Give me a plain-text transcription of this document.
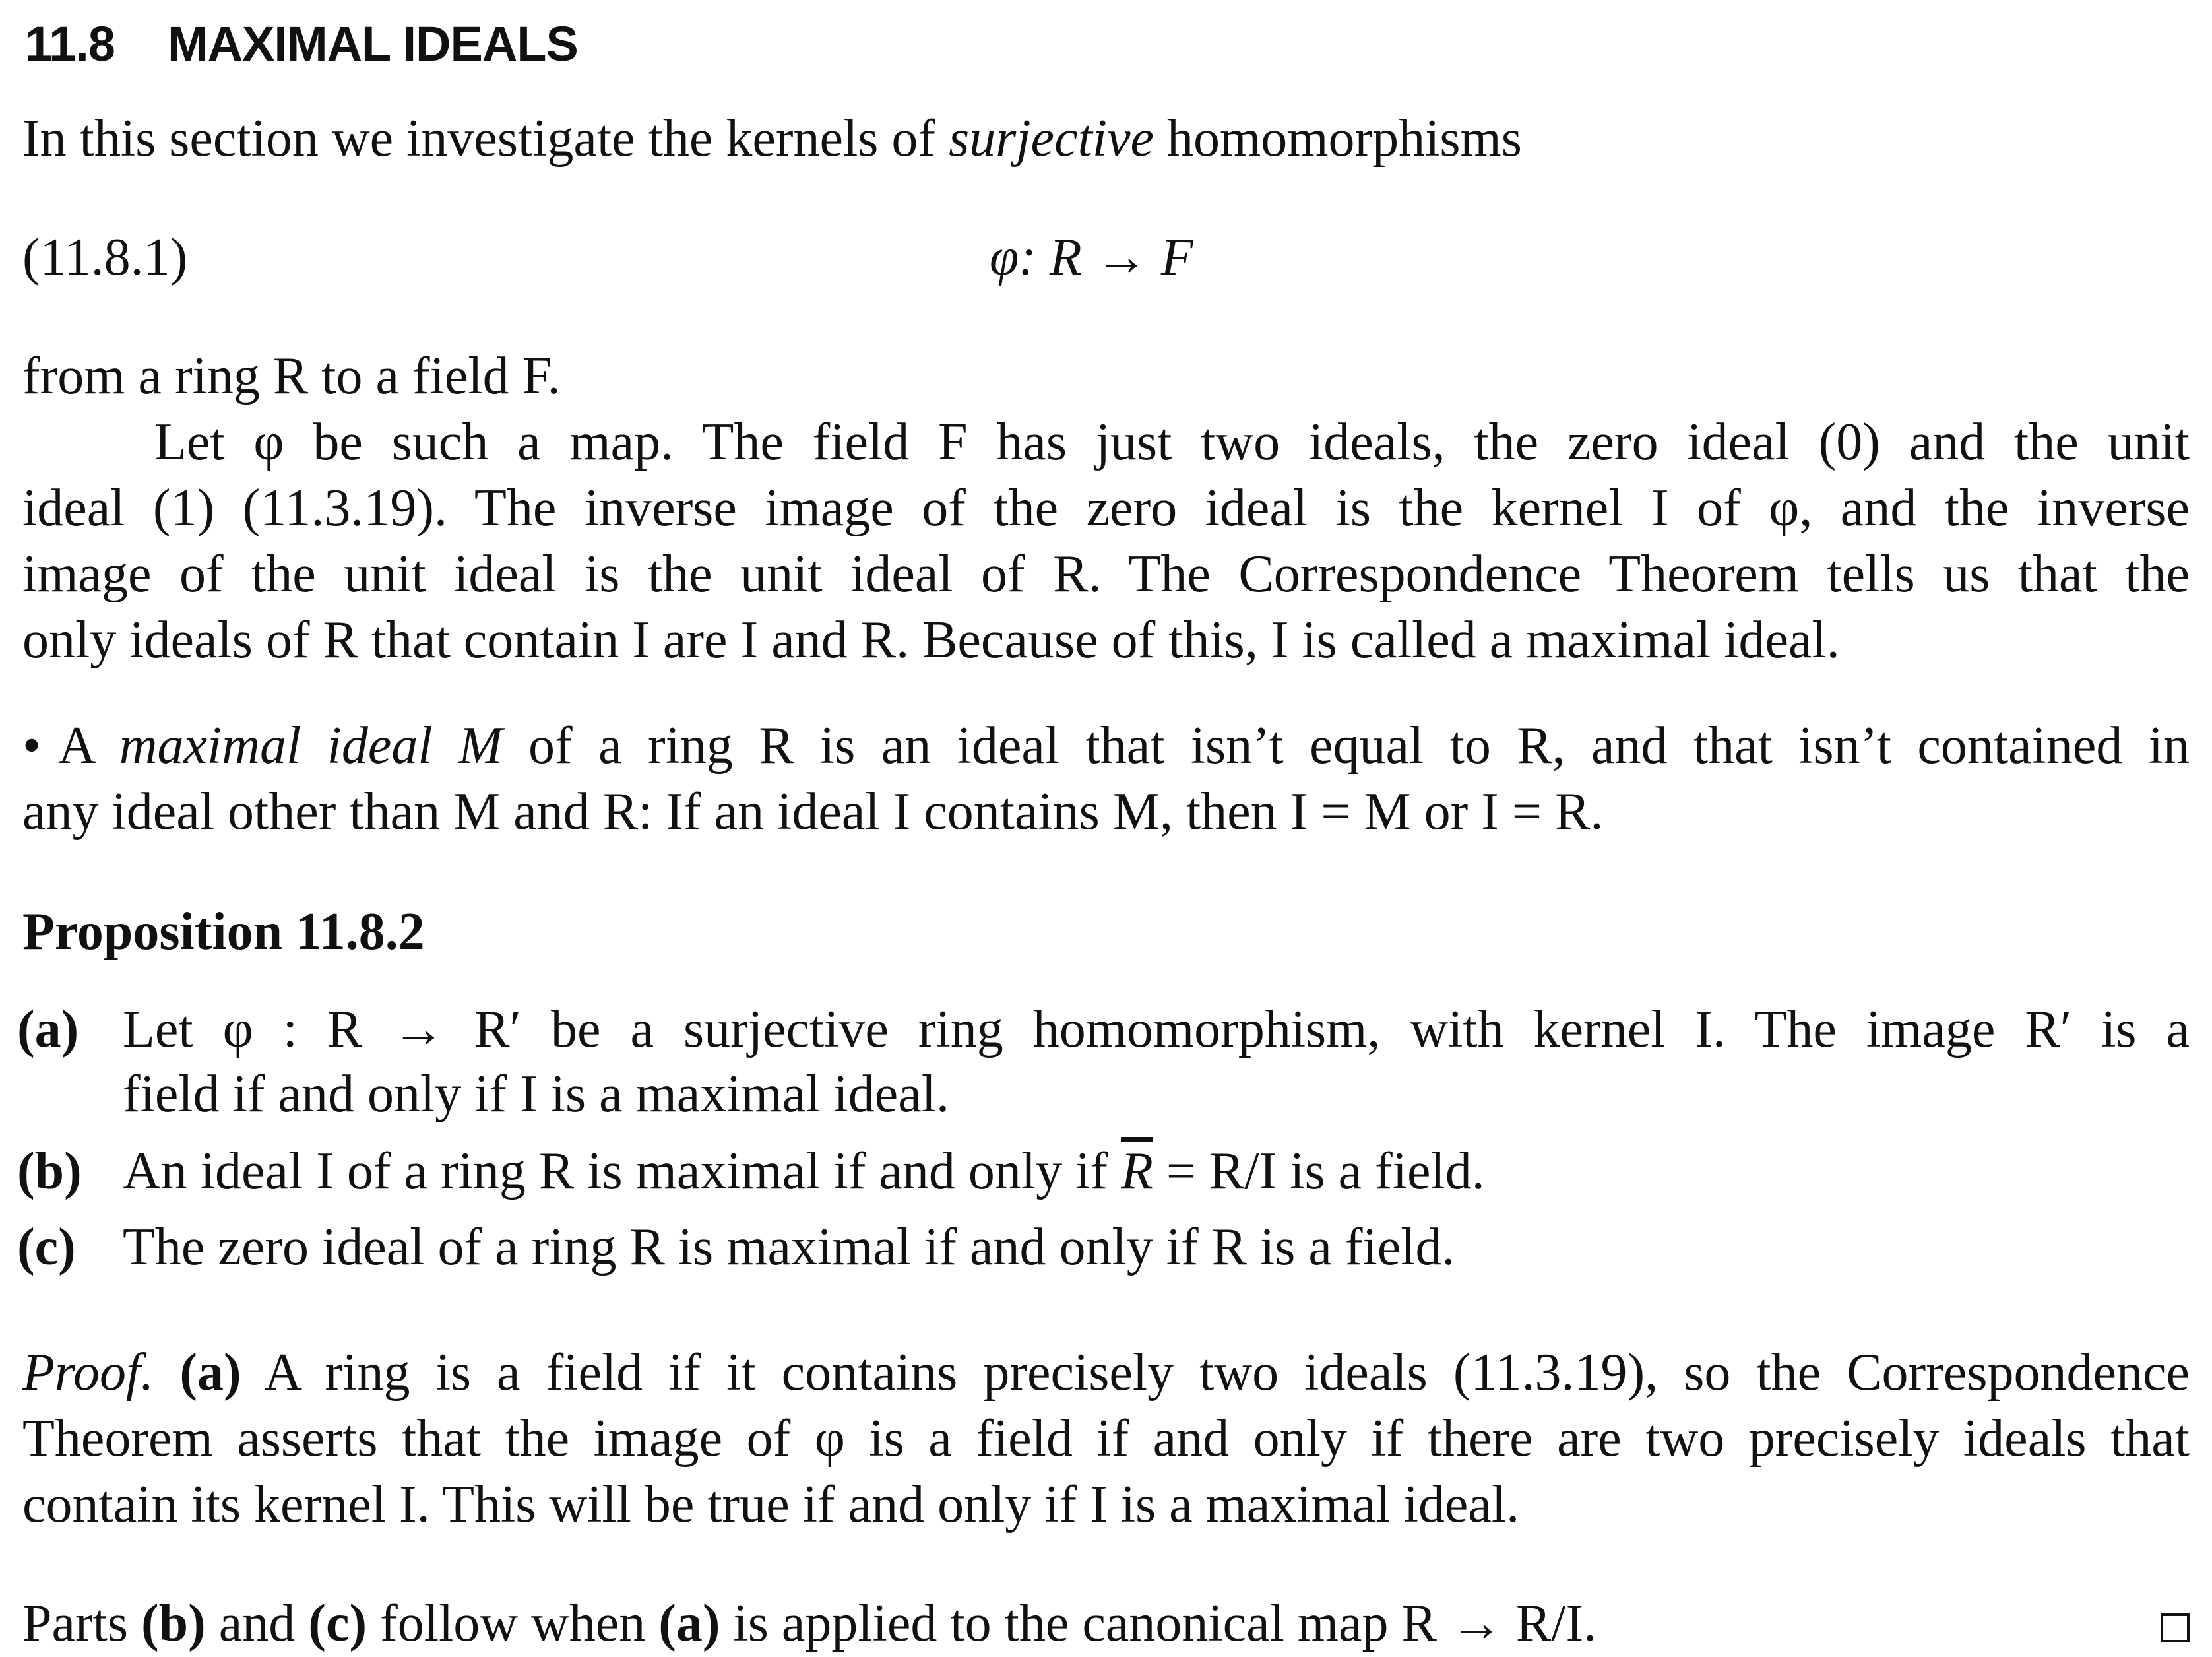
11.8 MAXIMAL IDEALS
In this section we investigate the kernels of surjective homomorphisms
(11.8.1)	φ: R → F
from a ring R to a field F.
Let φ be such a map. The field F has just two ideals, the zero ideal (0) and the unit
ideal (1) (11.3.19). The inverse image of the zero ideal is the kernel I of φ, and the inverse
image of the unit ideal is the unit ideal of R. The Correspondence Theorem tells us that the
only ideals of R that contain I are I and R. Because of this, I is called a maximal ideal.
• A maximal ideal M of a ring R is an ideal that isn’t equal to R, and that isn’t contained in
any ideal other than M and R: If an ideal I contains M, then I = M or I = R.
Proposition 11.8.2
(a) Let φ : R → R′ be a surjective ring homomorphism, with kernel I. The image R′ is a
field if and only if I is a maximal ideal.
(b) An ideal I of a ring R is maximal if and only if $\overline{R} = R/I$ is a field.
(c) The zero ideal of a ring R is maximal if and only if R is a field.
Proof. (a) A ring is a field if it contains precisely two ideals (11.3.19), so the Correspondence
Theorem asserts that the image of φ is a field if and only if there are two precisely ideals that
contain its kernel I. This will be true if and only if I is a maximal ideal.
Parts (b) and (c) follow when (a) is applied to the canonical map R → R/I.
